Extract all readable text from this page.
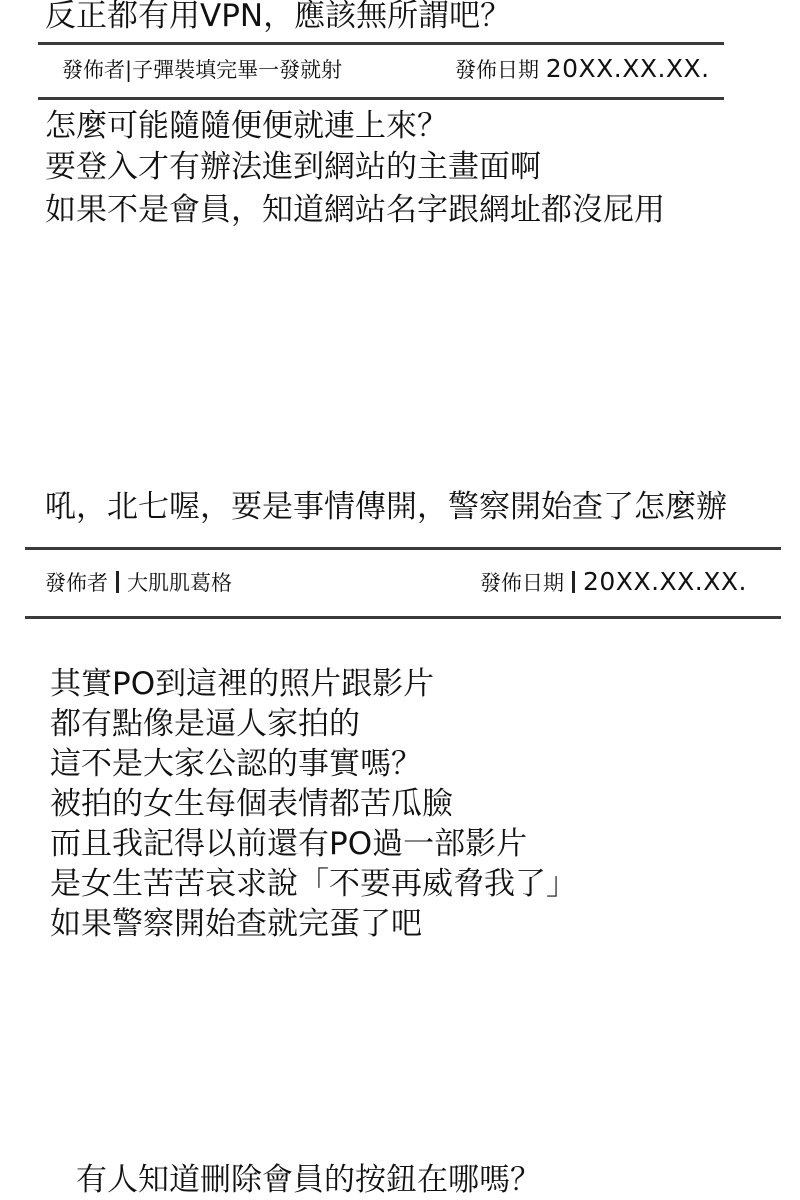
反正都有用VPN，應該無所謂吧？
發佈者|子彈裝填完畢一發就射	發佈日期 20XX.XX.XX.
怎麼可能隨隨便便就連上來？
要登入才有辦法進到網站的主畫面啊
如果不是會員，知道網站名字跟網址都沒屁用
吼，北七喔，要是事情傳開，警察開始查了怎麼辦
發佈者 大肌肌葛格	發佈日期 20XX.XX.XX.
其實PO到這裡的照片跟影片
都有點像是逼人家拍的
這不是大家公認的事實嗎？
被拍的女生每個表情都苦瓜臉
而且我記得以前還有PO過一部影片
是女生苦苦哀求說「不要再威脅我了」
如果警察開始查就完蛋了吧
有人知道刪除會員的按鈕在哪嗎？
